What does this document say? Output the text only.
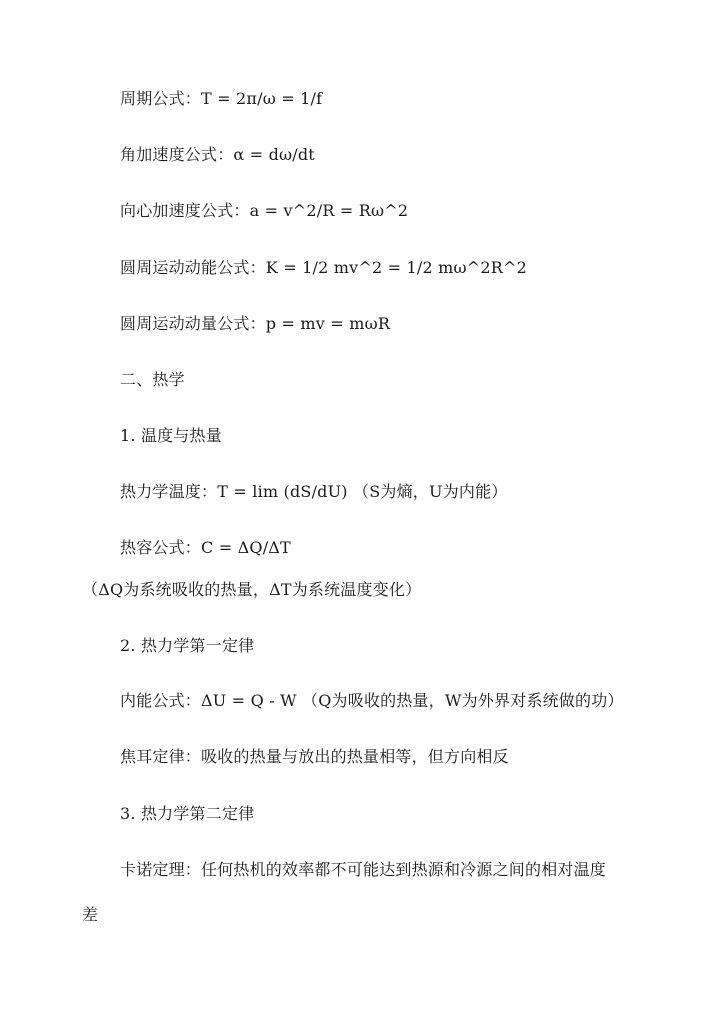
周期公式：T = 2π/ω = 1/f
角加速度公式：α = dω/dt
向心加速度公式：a = v^2/R = Rω^2
圆周运动动能公式：K = 1/2 mv^2 = 1/2 mω^2R^2
圆周运动动量公式：p = mv = mωR
二、热学
1. 温度与热量
热力学温度：T = lim (dS/dU) （S为熵，U为内能）
热容公式：C = ΔQ/ΔT
（ΔQ为系统吸收的热量，ΔT为系统温度变化）
2. 热力学第一定律
内能公式：ΔU = Q - W （Q为吸收的热量，W为外界对系统做的功）
焦耳定律：吸收的热量与放出的热量相等，但方向相反
3. 热力学第二定律
卡诺定理：任何热机的效率都不可能达到热源和冷源之间的相对温度
差
